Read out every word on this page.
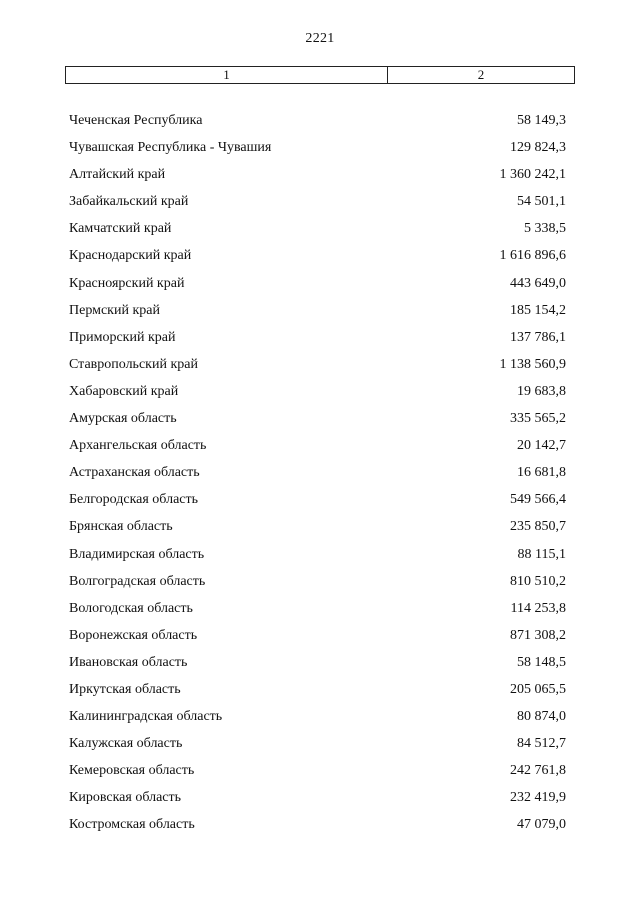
2221
1	2
Чеченская Республика	58 149,3
Чувашская Республика - Чувашия	129 824,3
Алтайский край	1 360 242,1
Забайкальский край	54 501,1
Камчатский край	5 338,5
Краснодарский край	1 616 896,6
Красноярский край	443 649,0
Пермский край	185 154,2
Приморский край	137 786,1
Ставропольский край	1 138 560,9
Хабаровский край	19 683,8
Амурская область	335 565,2
Архангельская область	20 142,7
Астраханская область	16 681,8
Белгородская область	549 566,4
Брянская область	235 850,7
Владимирская область	88 115,1
Волгоградская область	810 510,2
Вологодская область	114 253,8
Воронежская область	871 308,2
Ивановская область	58 148,5
Иркутская область	205 065,5
Калининградская область	80 874,0
Калужская область	84 512,7
Кемеровская область	242 761,8
Кировская область	232 419,9
Костромская область	47 079,0
